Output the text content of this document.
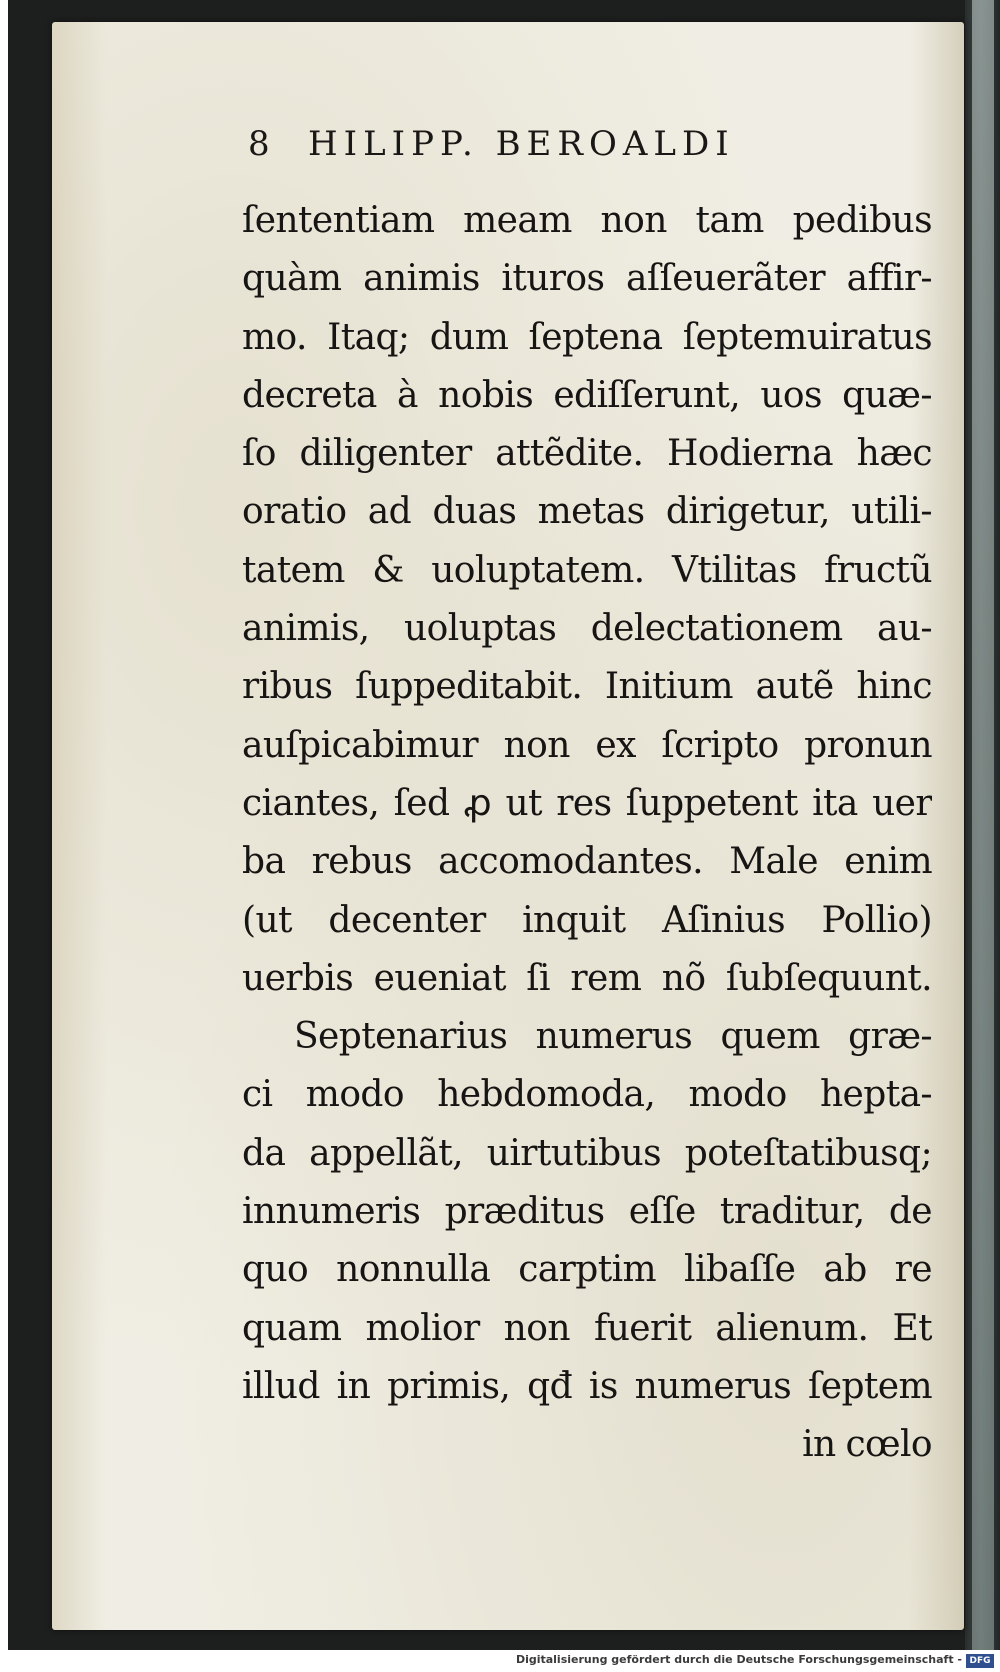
8 HILIPP. BEROALDI
ſententiam meam non tam pedibus
quàm animis ituros aſſeuerãter affir-
mo. Itaq; dum ſeptena ſeptemuiratus
decreta à nobis ediſſerunt, uos quæ-
ſo diligenter attẽdite. Hodierna hæc
oratio ad duas metas dirigetur, utili-
tatem & uoluptatem. Vtilitas fructũ
animis, uoluptas delectationem au-
ribus ſuppeditabit. Initium autẽ hinc
auſpicabimur non ex ſcripto pronun
ciantes, ſed ꝓ ut res ſuppetent ita uer
ba rebus accomodantes. Male enim
(ut decenter inquit Aſinius Pollio)
uerbis eueniat ſi rem nõ ſubſequunt.
Septenarius numerus quem græ-
ci modo hebdomoda, modo hepta-
da appellãt, uirtutibus poteſtatibusq;
innumeris præditus eſſe traditur, de
quo nonnulla carptim libaſſe ab re
quam molior non fuerit alienum. Et
illud in primis, qđ is numerus ſeptem
in cœlo
Digitalisierung gefördert durch die Deutsche Forschungsgemeinschaft - DFG
